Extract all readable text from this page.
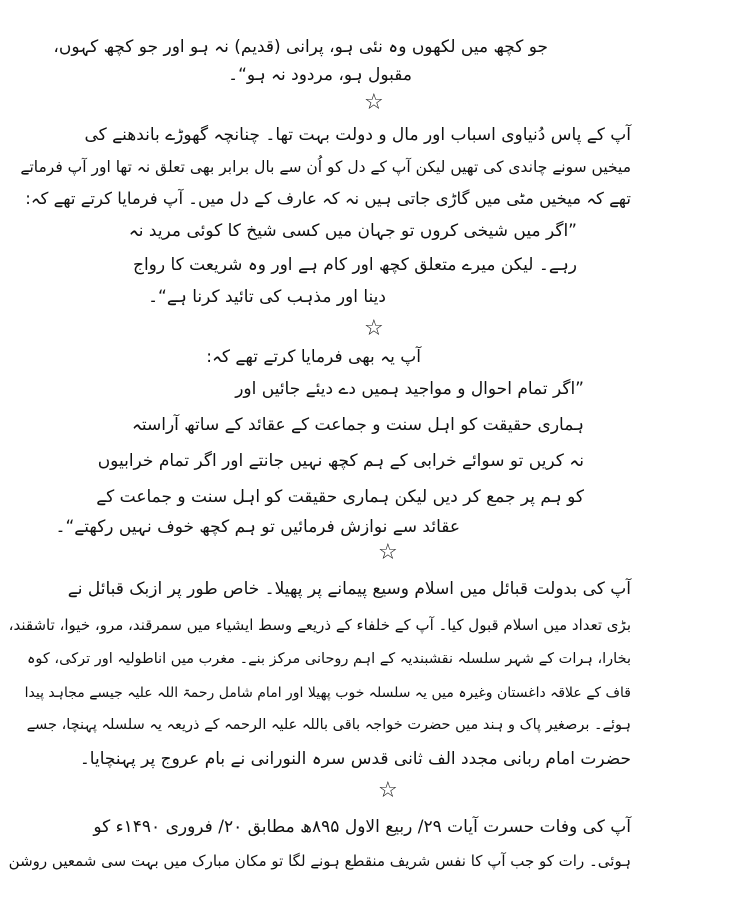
جو کچھ میں لکھوں وہ نئی ہو، پرانی (قدیم) نہ ہو اور جو کچھ کہوں،
مقبول ہو، مردود نہ ہو“۔
☆
آپ کے پاس دُنیاوی اسباب اور مال و دولت بہت تھا۔ چنانچہ گھوڑے باندھنے کی
میخیں سونے چاندی کی تھیں لیکن آپ کے دل کو اُن سے بال برابر بھی تعلق نہ تھا اور آپ فرماتے
تھے کہ میخیں مٹی میں گاڑی جاتی ہیں نہ کہ عارف کے دل میں۔ آپ فرمایا کرتے تھے کہ:
”اگر میں شیخی کروں تو جہان میں کسی شیخ کا کوئی مرید نہ
رہے۔ لیکن میرے متعلق کچھ اور کام ہے اور وہ شریعت کا رواج
دینا اور مذہب کی تائید کرنا ہے“۔
☆
آپ یہ بھی فرمایا کرتے تھے کہ:
”اگر تمام احوال و مواجید ہمیں دے دیئے جائیں اور
ہماری حقیقت کو اہل سنت و جماعت کے عقائد کے ساتھ آراستہ
نہ کریں تو سوائے خرابی کے ہم کچھ نہیں جانتے اور اگر تمام خرابیوں
کو ہم پر جمع کر دیں لیکن ہماری حقیقت کو اہل سنت و جماعت کے
عقائد سے نوازش فرمائیں تو ہم کچھ خوف نہیں رکھتے“۔
☆
آپ کی بدولت قبائل میں اسلام وسیع پیمانے پر پھیلا۔ خاص طور پر ازبک قبائل نے
بڑی تعداد میں اسلام قبول کیا۔ آپ کے خلفاء کے ذریعے وسط ایشیاء میں سمرقند، مرو، خیوا، تاشقند،
بخارا، ہرات کے شہر سلسلہ نقشبندیہ کے اہم روحانی مرکز بنے۔ مغرب میں اناطولیہ اور ترکی، کوہ
قاف کے علاقہ داغستان وغیرہ میں یہ سلسلہ خوب پھیلا اور امام شامل رحمۃ اللہ علیہ جیسے مجاہد پیدا
ہوئے۔ برصغیر پاک و ہند میں حضرت خواجہ باقی باللہ علیہ الرحمہ کے ذریعہ یہ سلسلہ پہنچا، جسے
حضرت امام ربانی مجدد الف ثانی قدس سرہ النورانی نے بام عروج پر پہنچایا۔
☆
آپ کی وفات حسرت آیات ۲۹/ ربیع الاول ۸۹۵ھ مطابق ۲۰/ فروری ۱۴۹۰ء کو
ہوئی۔ رات کو جب آپ کا نفس شریف منقطع ہونے لگا تو مکان مبارک میں بہت سی شمعیں روشن
